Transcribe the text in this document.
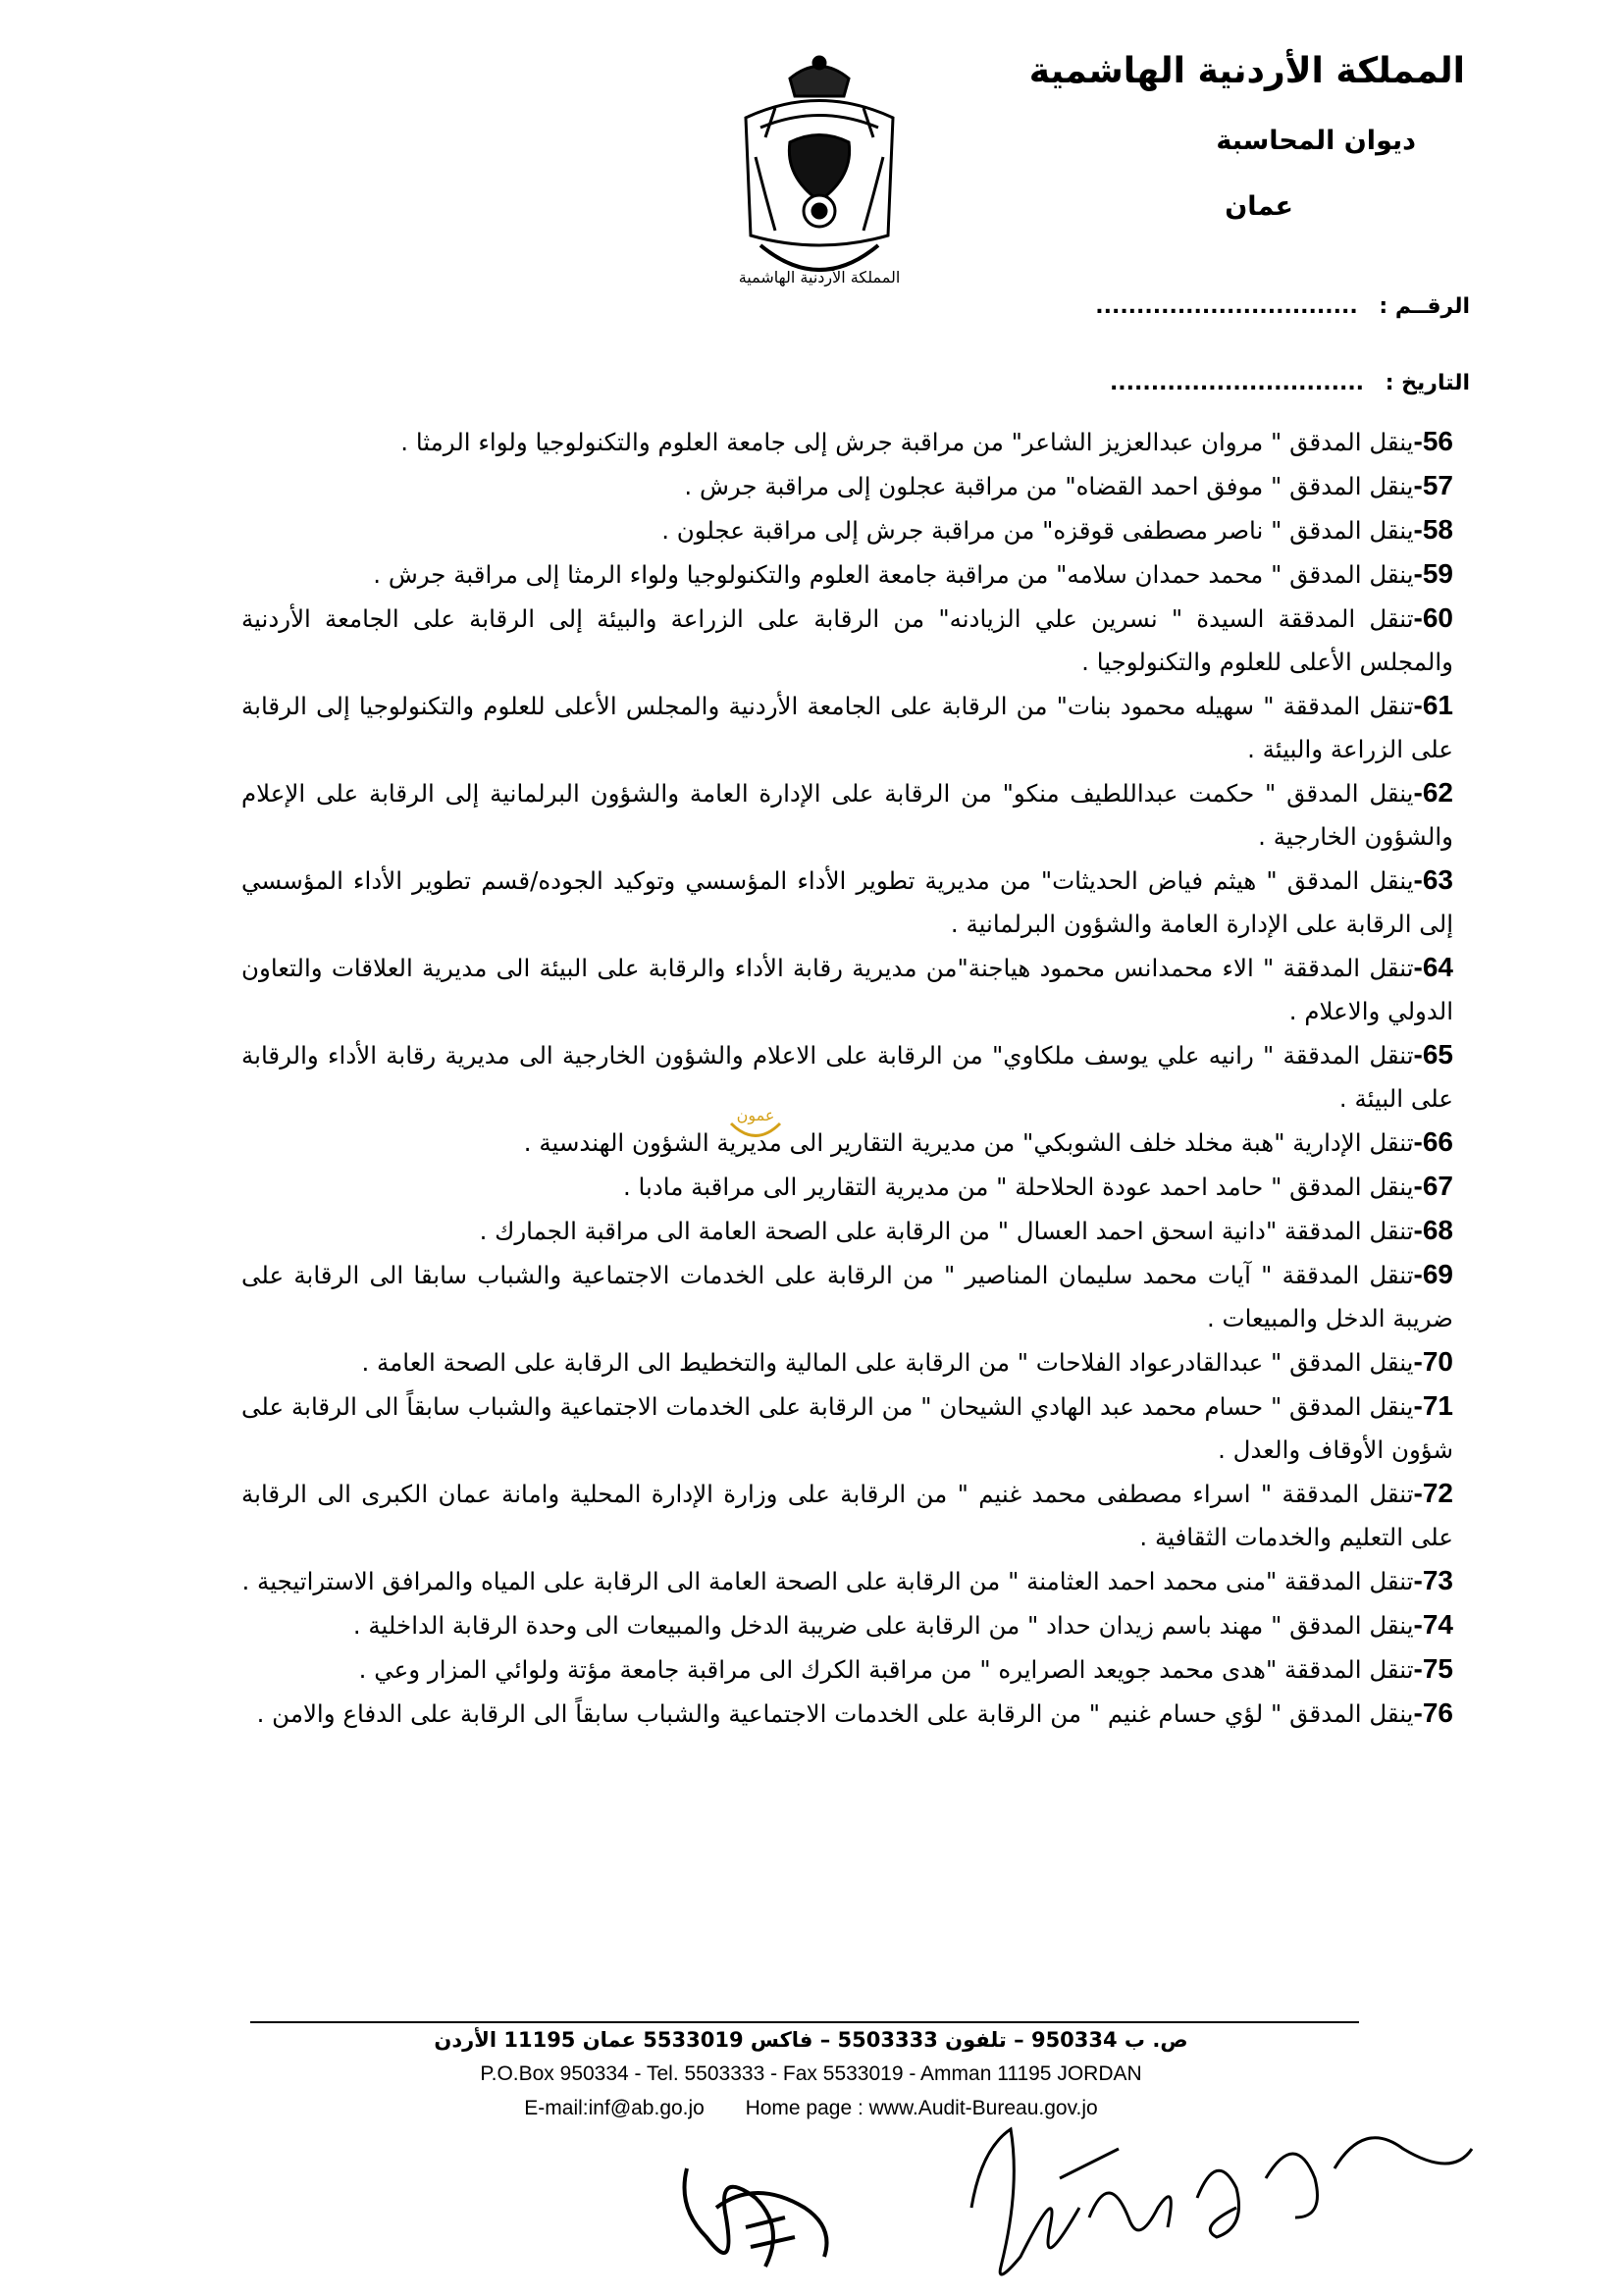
المملكة الأردنية الهاشمية
المملكة الأردنية الهاشمية
ديوان المحاسبة
عمان
الرقــم : ................................
التاريخ : ...............................
56-ينقل المدقق " مروان عبدالعزيز الشاعر" من مراقبة جرش إلى جامعة العلوم والتكنولوجيا ولواء الرمثا .
57-ينقل المدقق " موفق احمد القضاه" من مراقبة عجلون إلى مراقبة جرش .
58-ينقل المدقق " ناصر مصطفى قوقزه" من مراقبة جرش إلى مراقبة عجلون .
59-ينقل المدقق " محمد حمدان سلامه" من مراقبة جامعة العلوم والتكنولوجيا ولواء الرمثا إلى مراقبة جرش .
60-تنقل المدققة السيدة " نسرين علي الزيادنه" من الرقابة على الزراعة والبيئة إلى الرقابة على الجامعة الأردنية والمجلس الأعلى للعلوم والتكنولوجيا .
61-تنقل المدققة " سهيله محمود بنات" من الرقابة على الجامعة الأردنية والمجلس الأعلى للعلوم والتكنولوجيا إلى الرقابة على الزراعة والبيئة .
62-ينقل المدقق " حكمت عبداللطيف منكو" من الرقابة على الإدارة العامة والشؤون البرلمانية إلى الرقابة على الإعلام والشؤون الخارجية .
63-ينقل المدقق " هيثم فياض الحديثات" من مديرية تطوير الأداء المؤسسي وتوكيد الجوده/قسم تطوير الأداء المؤسسي إلى الرقابة على الإدارة العامة والشؤون البرلمانية .
64-تنقل المدققة " الاء محمدانس محمود هياجنة"من مديرية رقابة الأداء والرقابة على البيئة الى مديرية العلاقات والتعاون الدولي والاعلام .
65-تنقل المدققة " رانيه علي يوسف ملكاوي" من الرقابة على الاعلام والشؤون الخارجية الى مديرية رقابة الأداء والرقابة على البيئة .
66-تنقل الإدارية "هبة مخلد خلف الشوبكي" من مديرية التقارير الى مديرية الشؤون الهندسية .
67-ينقل المدقق " حامد احمد عودة الحلاحلة " من مديرية التقارير الى مراقبة مادبا .
68-تنقل المدققة "دانية اسحق احمد العسال " من الرقابة على الصحة العامة الى مراقبة الجمارك .
69-تنقل المدققة " آيات محمد سليمان المناصير " من الرقابة على الخدمات الاجتماعية والشباب سابقا الى الرقابة على ضريبة الدخل والمبيعات .
70-ينقل المدقق " عبدالقادرعواد الفلاحات " من الرقابة على المالية والتخطيط الى الرقابة على الصحة العامة .
71-ينقل المدقق " حسام محمد عبد الهادي الشيحان " من الرقابة على الخدمات الاجتماعية والشباب سابقاً الى الرقابة على شؤون الأوقاف والعدل .
72-تنقل المدققة " اسراء مصطفى محمد غنيم " من الرقابة على وزارة الإدارة المحلية وامانة عمان الكبرى الى الرقابة على التعليم والخدمات الثقافية .
73-تنقل المدققة "منى محمد احمد العثامنة " من الرقابة على الصحة العامة الى الرقابة على المياه والمرافق الاستراتيجية .
74-ينقل المدقق " مهند باسم زيدان حداد " من الرقابة على ضريبة الدخل والمبيعات الى وحدة الرقابة الداخلية .
75-تنقل المدققة "هدى محمد جويعد الصرايره " من مراقبة الكرك الى مراقبة جامعة مؤتة ولوائي المزار وعي .
76-ينقل المدقق " لؤي حسام غنيم " من الرقابة على الخدمات الاجتماعية والشباب سابقاً الى الرقابة على الدفاع والامن .
عمون
ص. ب 950334 – تلفون 5503333 – فاكس 5533019 عمان 11195 الأردن
P.O.Box 950334 - Tel. 5503333 - Fax 5533019 - Amman 11195 JORDAN
E-mail:inf@ab.go.jo Home page : www.Audit-Bureau.gov.jo
